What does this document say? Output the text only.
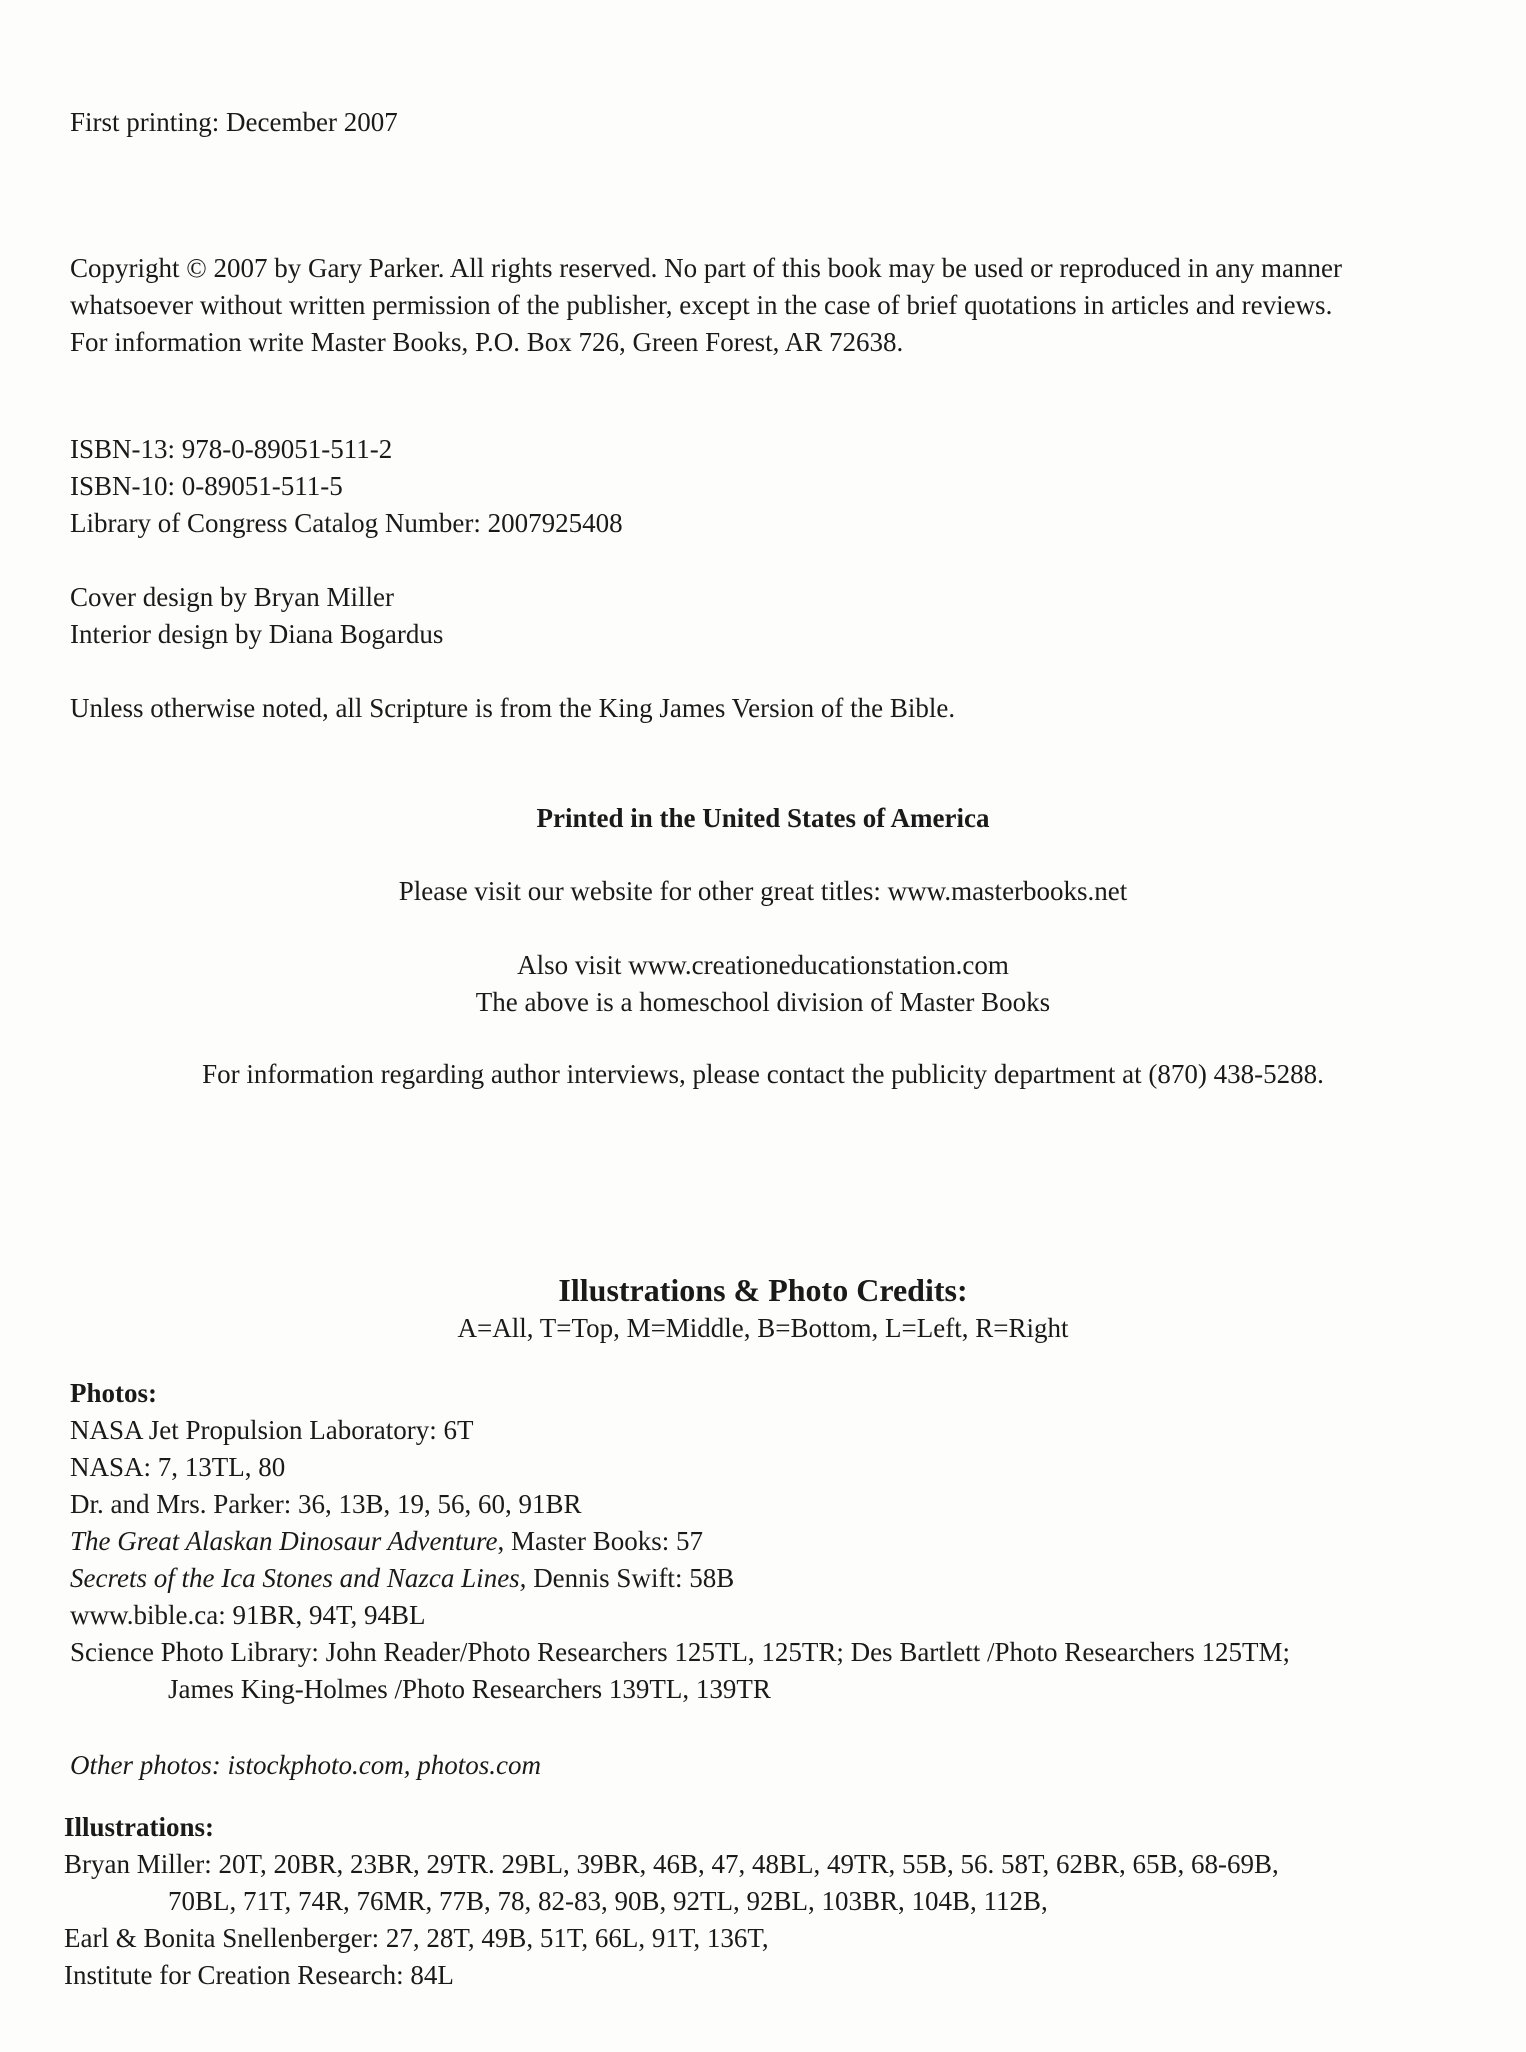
First printing: December 2007
Copyright © 2007 by Gary Parker. All rights reserved. No part of this book may be used or reproduced in any manner
whatsoever without written permission of the publisher, except in the case of brief quotations in articles and reviews.
For information write Master Books, P.O. Box 726, Green Forest, AR 72638.
ISBN-13: 978-0-89051-511-2
ISBN-10: 0-89051-511-5
Library of Congress Catalog Number: 2007925408
Cover design by Bryan Miller
Interior design by Diana Bogardus
Unless otherwise noted, all Scripture is from the King James Version of the Bible.
Printed in the United States of America
Please visit our website for other great titles: www.masterbooks.net
Also visit www.creationeducationstation.com
The above is a homeschool division of Master Books
For information regarding author interviews, please contact the publicity department at (870) 438-5288.
Illustrations & Photo Credits:
A=All, T=Top, M=Middle, B=Bottom, L=Left, R=Right
Photos:
NASA Jet Propulsion Laboratory: 6T
NASA: 7, 13TL, 80
Dr. and Mrs. Parker: 36, 13B, 19, 56, 60, 91BR
The Great Alaskan Dinosaur Adventure, Master Books: 57
Secrets of the Ica Stones and Nazca Lines, Dennis Swift: 58B
www.bible.ca: 91BR, 94T, 94BL
Science Photo Library: John Reader/Photo Researchers 125TL, 125TR; Des Bartlett /Photo Researchers 125TM;
James King-Holmes /Photo Researchers 139TL, 139TR
Other photos: istockphoto.com, photos.com
Illustrations:
Bryan Miller: 20T, 20BR, 23BR, 29TR. 29BL, 39BR, 46B, 47, 48BL, 49TR, 55B, 56. 58T, 62BR, 65B, 68-69B,
70BL, 71T, 74R, 76MR, 77B, 78, 82-83, 90B, 92TL, 92BL, 103BR, 104B, 112B,
Earl & Bonita Snellenberger: 27, 28T, 49B, 51T, 66L, 91T, 136T,
Institute for Creation Research: 84L
